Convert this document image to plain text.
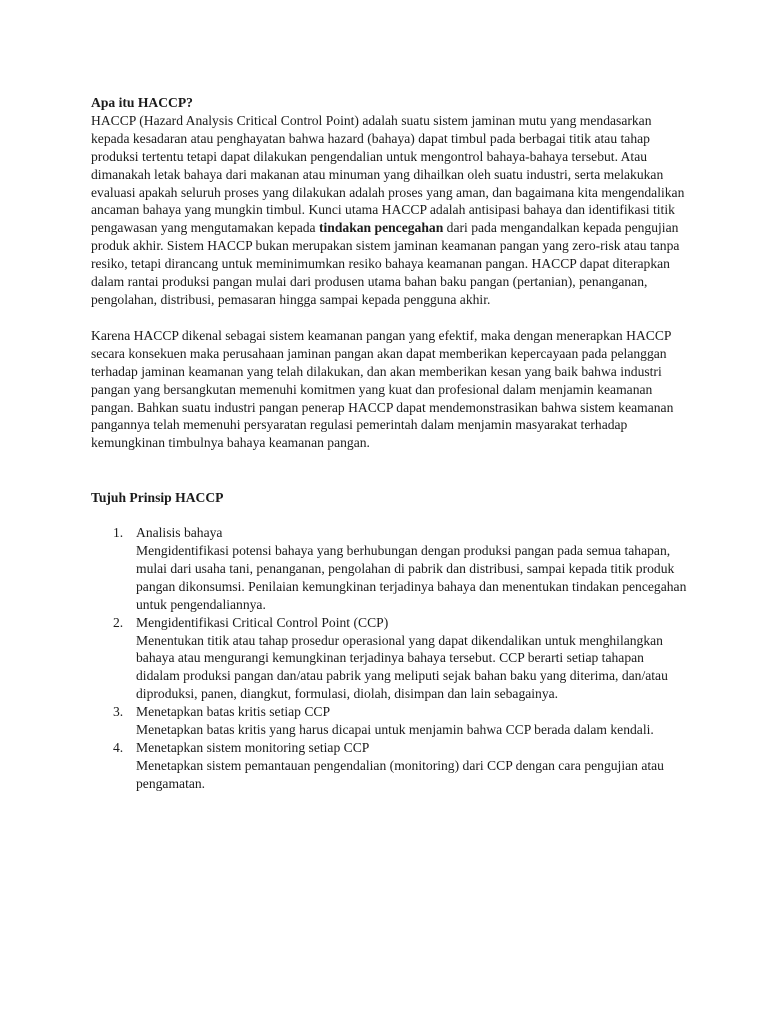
Apa itu HACCP?

HACCP (Hazard Analysis Critical Control Point) adalah suatu sistem jaminan mutu yang mendasarkan kepada kesadaran atau penghayatan bahwa hazard (bahaya) dapat timbul pada berbagai titik atau tahap produksi tertentu tetapi dapat dilakukan pengendalian untuk mengontrol bahaya-bahaya tersebut. Atau dimanakah letak bahaya dari makanan atau minuman yang dihailkan oleh suatu industri, serta melakukan evaluasi apakah seluruh proses yang dilakukan adalah proses yang aman, dan bagaimana kita mengendalikan ancaman bahaya yang mungkin timbul. Kunci utama HACCP adalah antisipasi bahaya dan identifikasi titik pengawasan yang mengutamakan kepada tindakan pencegahan dari pada mengandalkan kepada pengujian produk akhir. Sistem HACCP bukan merupakan sistem jaminan keamanan pangan yang zero-risk atau tanpa resiko, tetapi dirancang untuk meminimumkan resiko bahaya keamanan pangan. HACCP dapat diterapkan dalam rantai produksi pangan mulai dari produsen utama bahan baku pangan (pertanian), penanganan, pengolahan, distribusi, pemasaran hingga sampai kepada pengguna akhir.

Karena HACCP dikenal sebagai sistem keamanan pangan yang efektif, maka dengan menerapkan HACCP secara konsekuen maka perusahaan jaminan pangan akan dapat memberikan kepercayaan pada pelanggan terhadap jaminan keamanan yang telah dilakukan, dan akan memberikan kesan yang baik bahwa industri pangan yang bersangkutan memenuhi komitmen yang kuat dan profesional dalam menjamin keamanan pangan. Bahkan suatu industri pangan penerap HACCP dapat mendemonstrasikan bahwa sistem keamanan pangannya telah memenuhi persyaratan regulasi pemerintah dalam menjamin masyarakat terhadap kemungkinan timbulnya bahaya keamanan pangan.

Tujuh Prinsip HACCP

1. Analisis bahaya
Mengidentifikasi potensi bahaya yang berhubungan dengan produksi pangan pada semua tahapan, mulai dari usaha tani, penanganan, pengolahan di pabrik dan distribusi, sampai kepada titik produk pangan dikonsumsi. Penilaian kemungkinan terjadinya bahaya dan menentukan tindakan pencegahan untuk pengendaliannya.
2. Mengidentifikasi Critical Control Point (CCP)
Menentukan titik atau tahap prosedur operasional yang dapat dikendalikan untuk menghilangkan bahaya atau mengurangi kemungkinan terjadinya bahaya tersebut. CCP berarti setiap tahapan didalam produksi pangan dan/atau pabrik yang meliputi sejak bahan baku yang diterima, dan/atau diproduksi, panen, diangkut, formulasi, diolah, disimpan dan lain sebagainya.
3. Menetapkan batas kritis setiap CCP
Menetapkan batas kritis yang harus dicapai untuk menjamin bahwa CCP berada dalam kendali.
4. Menetapkan sistem monitoring setiap CCP
Menetapkan sistem pemantauan pengendalian (monitoring) dari CCP dengan cara pengujian atau pengamatan.
